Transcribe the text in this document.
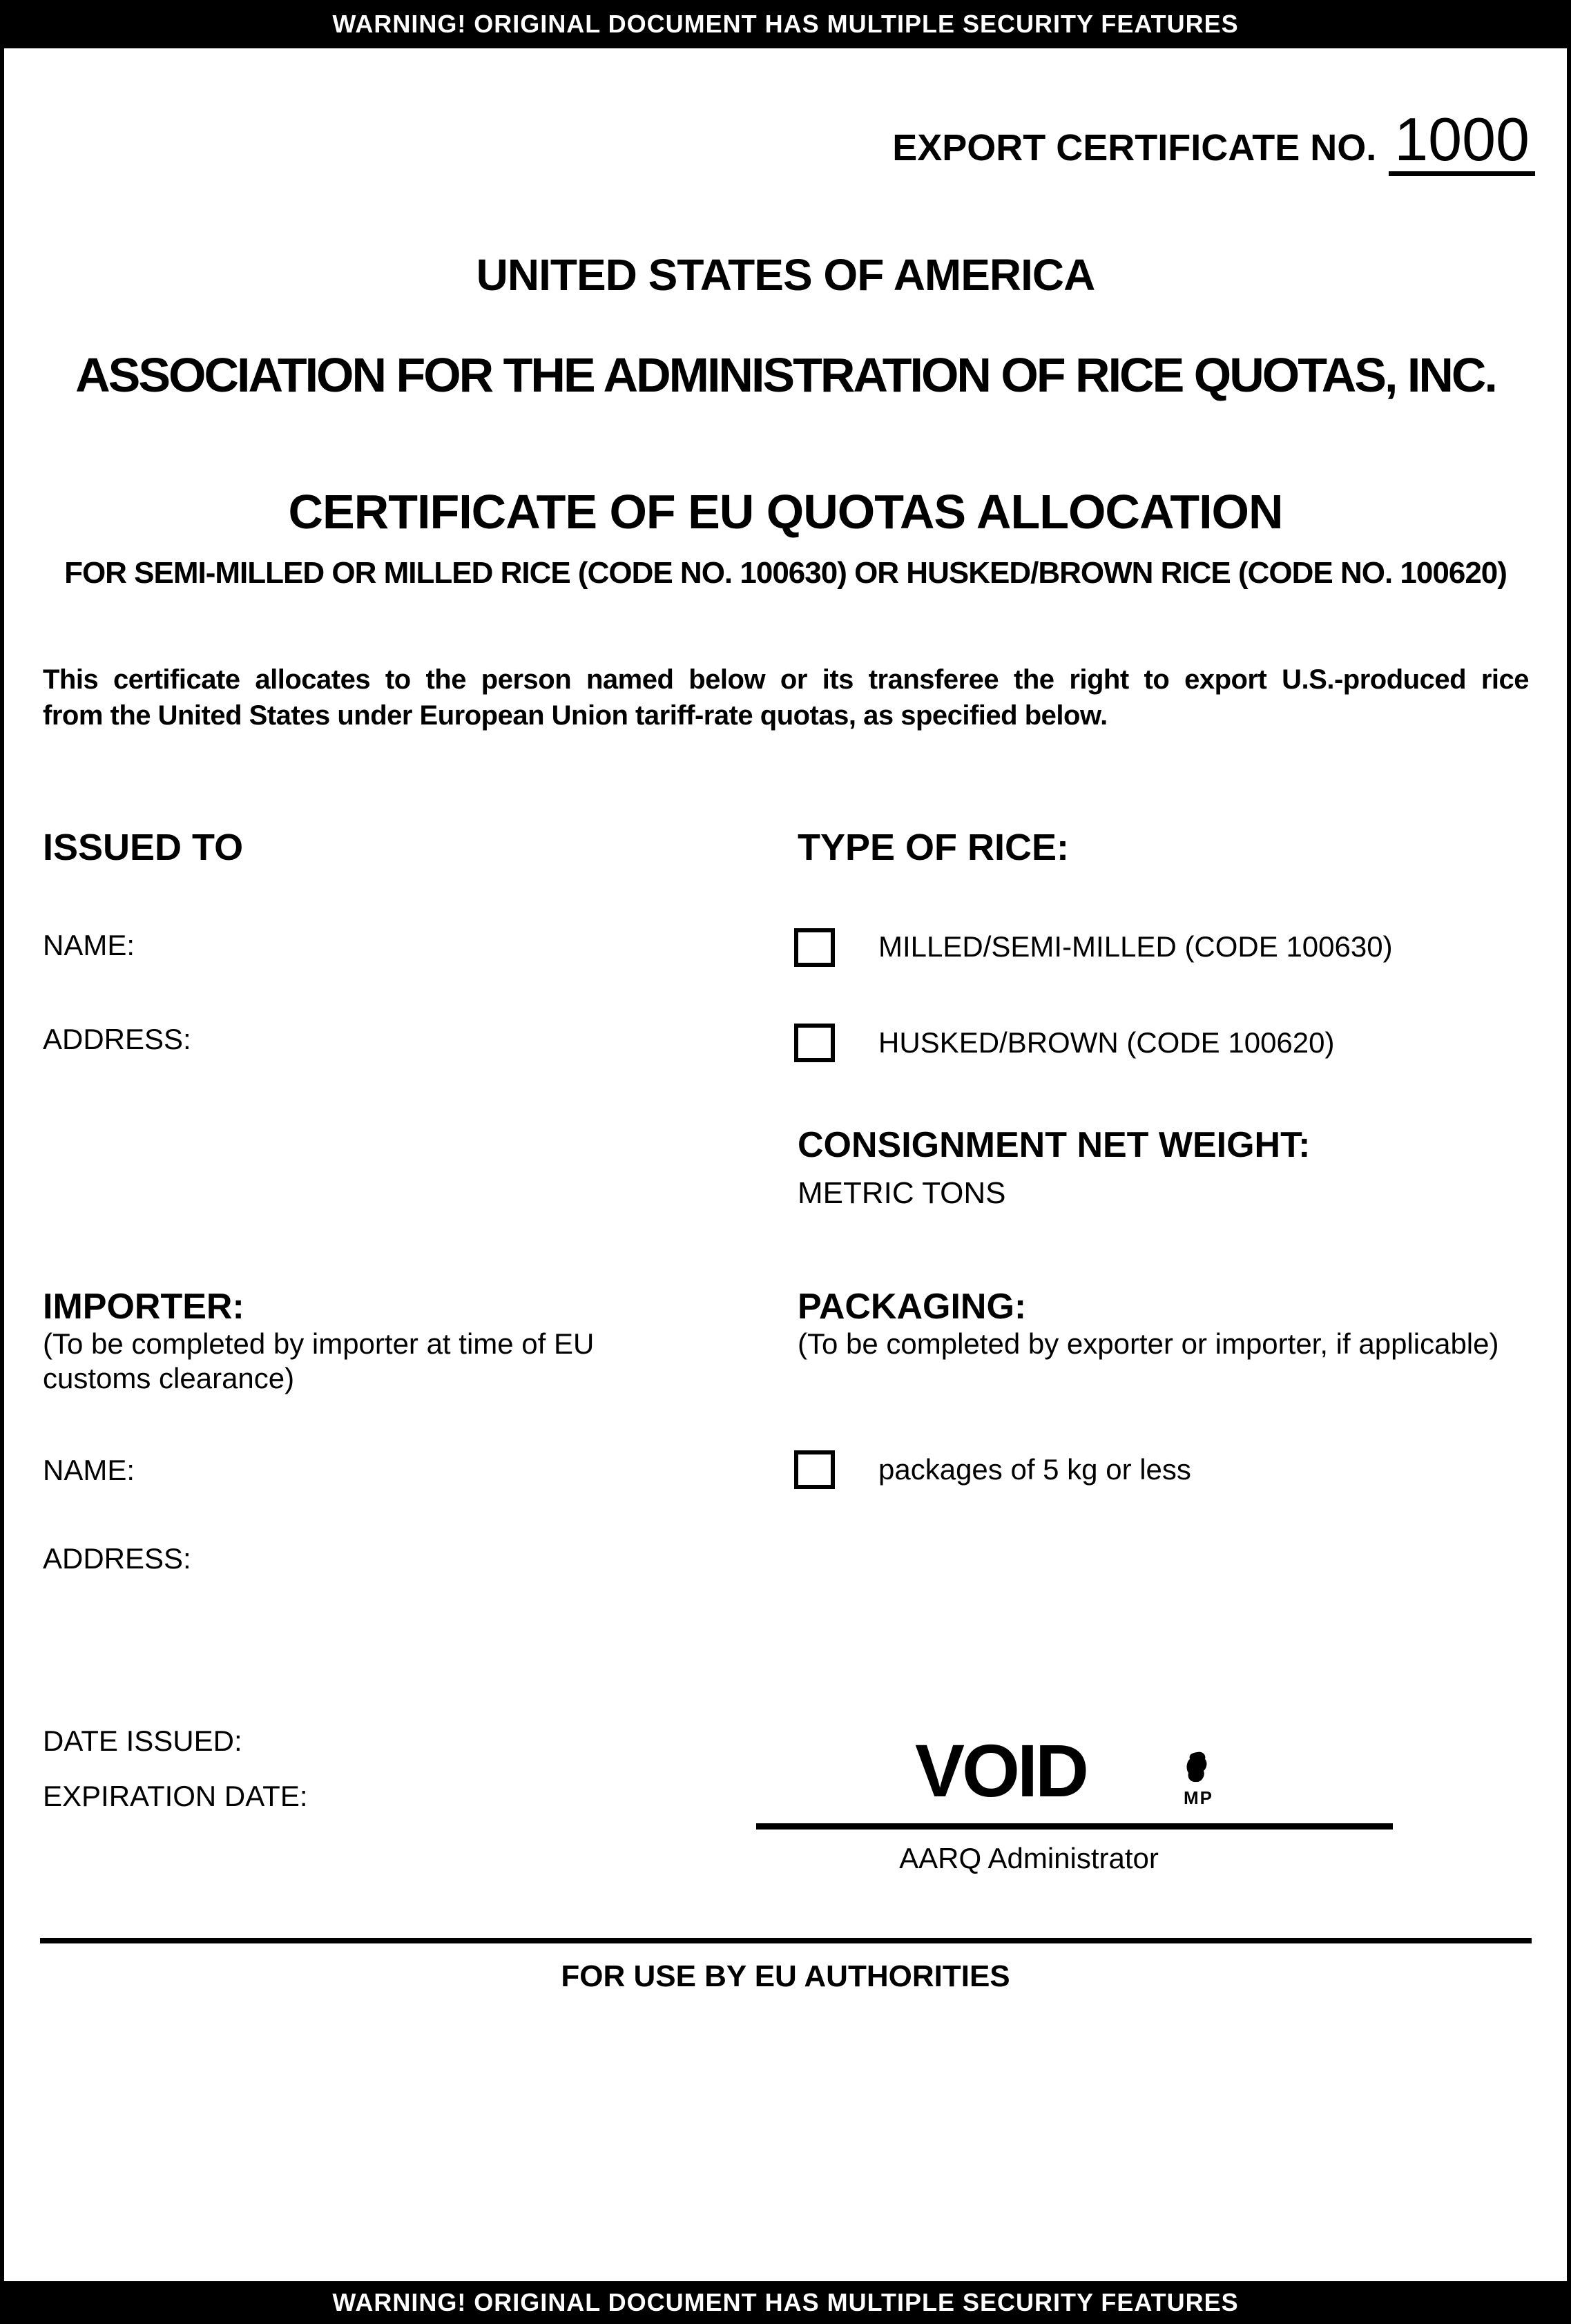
WARNING! ORIGINAL DOCUMENT HAS MULTIPLE SECURITY FEATURES
EXPORT CERTIFICATE NO. 1000
UNITED STATES OF AMERICA
ASSOCIATION FOR THE ADMINISTRATION OF RICE QUOTAS, INC.
CERTIFICATE OF EU QUOTAS ALLOCATION
FOR SEMI-MILLED OR MILLED RICE (CODE NO. 100630) OR HUSKED/BROWN RICE (CODE NO. 100620)
This certificate allocates to the person named below or its transferee the right to export U.S.-produced rice
from the United States under European Union tariff-rate quotas, as specified below.
ISSUED TO
NAME:
ADDRESS:
TYPE OF RICE:
MILLED/SEMI-MILLED (CODE 100630)
HUSKED/BROWN (CODE 100620)
CONSIGNMENT NET WEIGHT:
METRIC TONS
IMPORTER:
(To be completed by importer at time of EU
customs clearance)
NAME:
ADDRESS:
PACKAGING:
(To be completed by exporter or importer, if applicable)
packages of 5 kg or less
DATE ISSUED:
EXPIRATION DATE:	VOID	MP
AARQ Administrator
FOR USE BY EU AUTHORITIES
WARNING! ORIGINAL DOCUMENT HAS MULTIPLE SECURITY FEATURES
